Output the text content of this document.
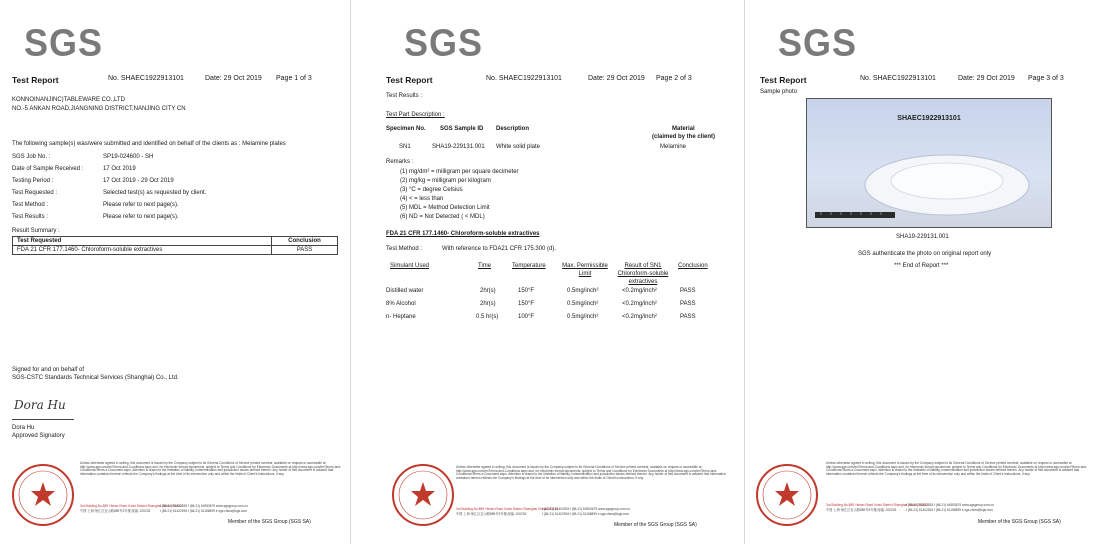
SGS
Test Report	No. SHAEC1922913101	Date: 29 Oct 2019 Page 1 of 3
KONNOINANJINC)TABLEWARE CO.,LTD
NO.-5 ANKAN ROAD,JIANGNING DISTRICT,NANJING CITY CN
The following sample(s) was/were submitted and identified on behalf of the clients as : Melamine plates
SGS Job No. :	SP19-024600 - SH
Date of Sample Received :	17 Oct 2019
Testing Period :	17 Oct 2019 - 29 Oct 2019
Test Requested :	Selected test(s) as requested by client.
Test Method :	Please refer to next page(s).
Test Results :	Please refer to next page(s).
Result Summary :
Test Requested	Conclusion
FDA 21 CFR 177.1460- Chloroform-soluble extractives	PASS
Signed for and on behalf of
SGS-CSTC Standards Technical Services (Shanghai) Co., Ltd.
Dora Hu
Dora Hu
Approved Signatory
Unless otherwise agreed in writing, this document is issued by the Company subject to its General Conditions of Service printed overleaf, available on request or accessible at http://www.sgs.com/en/Terms-and-Conditions.aspx and, for electronic format documents, subject to Terms and Conditions for Electronic Documents at http://www.sgs.com/en/Terms-and-Conditions/Terms-e-Document.aspx. Attention is drawn to the limitation of liability, indemnification and jurisdiction issues defined therein. Any holder of this document is advised that information contained hereon reflects the Company's findings at the time of its intervention only and within the limits of Client's instructions, if any.
3rd Building,No.889 Yishan Road Xuhui District Shanghai China 200233
中国·上海·徐汇区宜山路889号3号楼 邮编: 200233
t (86-21) 61402553 f (86-21) 64953679 www.sgsgroup.com.cn
t (86-21) 61402594 f (86-21) 61156899 e sgs.china@sgs.com
Member of the SGS Group (SGS SA)
SGS
Test Report	No. SHAEC1922913101	Date: 29 Oct 2019 Page 2 of 3
Test Results :
Test Part Description :
Specimen No. SGS Sample ID Description	Material
(claimed by the client)
SN1	SHA19-229131.001 White solid plate	Melamine
Remarks :
(1) mg/dm² = milligram per square decimeter
(2) mg/kg = milligram per kilogram
(3) °C = degree Celsius
(4) < = less than
(5) MDL = Method Detection Limit
(6) ND = Not Detected ( < MDL)
FDA 21 CFR 177.1460- Chloroform-soluble extractives
Test Method :	With reference to FDA21 CFR 175.300 (d).
Simulant Used	Time	Temperature	Max. Permissible Limit
Result of SN1 Chloroform-soluble extractives
Conclusion
Distilled water	2hr(s)	150°F	0.5mg/inch²	<0.2mg/inch²	PASS
8% Alcohol	2hr(s)	150°F	0.5mg/inch²	<0.2mg/inch²	PASS
n- Heptane	0.5 hr(s)	100°F	0.5mg/inch²	<0.2mg/inch²	PASS
Unless otherwise agreed in writing, this document is issued by the Company subject to its General Conditions of Service printed overleaf, available on request or accessible at http://www.sgs.com/en/Terms-and-Conditions.aspx and, for electronic format documents, subject to Terms and Conditions for Electronic Documents at http://www.sgs.com/en/Terms-and-Conditions/Terms-e-Document.aspx. Attention is drawn to the limitation of liability, indemnification and jurisdiction issues defined therein. Any holder of this document is advised that information contained hereon reflects the Company's findings at the time of its intervention only and within the limits of Client's instructions, if any.
3rd Building,No.889 Yishan Road Xuhui District Shanghai China 200233
中国·上海·徐汇区宜山路889号3号楼 邮编: 200233
t (86-21) 61402553 f (86-21) 64953679 www.sgsgroup.com.cn
t (86-21) 61402594 f (86-21) 61156899 e sgs.china@sgs.com
Member of the SGS Group (SGS SA)
SGS
Test Report	No. SHAEC1922913101	Date: 29 Oct 2019 Page 3 of 3
Sample photo
SHAEC1922913101
SHA19-229131.001
SGS authenticate the photo on original report only
*** End of Report ***
Unless otherwise agreed in writing, this document is issued by the Company subject to its General Conditions of Service printed overleaf, available on request or accessible at http://www.sgs.com/en/Terms-and-Conditions.aspx and, for electronic format documents, subject to Terms and Conditions for Electronic Documents at http://www.sgs.com/en/Terms-and-Conditions/Terms-e-Document.aspx. Attention is drawn to the limitation of liability, indemnification and jurisdiction issues defined therein. Any holder of this document is advised that information contained hereon reflects the Company's findings at the time of its intervention only and within the limits of Client's instructions, if any.
3rd Building,No.889 Yishan Road Xuhui District Shanghai China 200233
中国·上海·徐汇区宜山路889号3号楼 邮编: 200233
t (86-21) 61402553 f (86-21) 64953679 www.sgsgroup.com.cn
t (86-21) 61402594 f (86-21) 61156899 e sgs.china@sgs.com
Member of the SGS Group (SGS SA)
